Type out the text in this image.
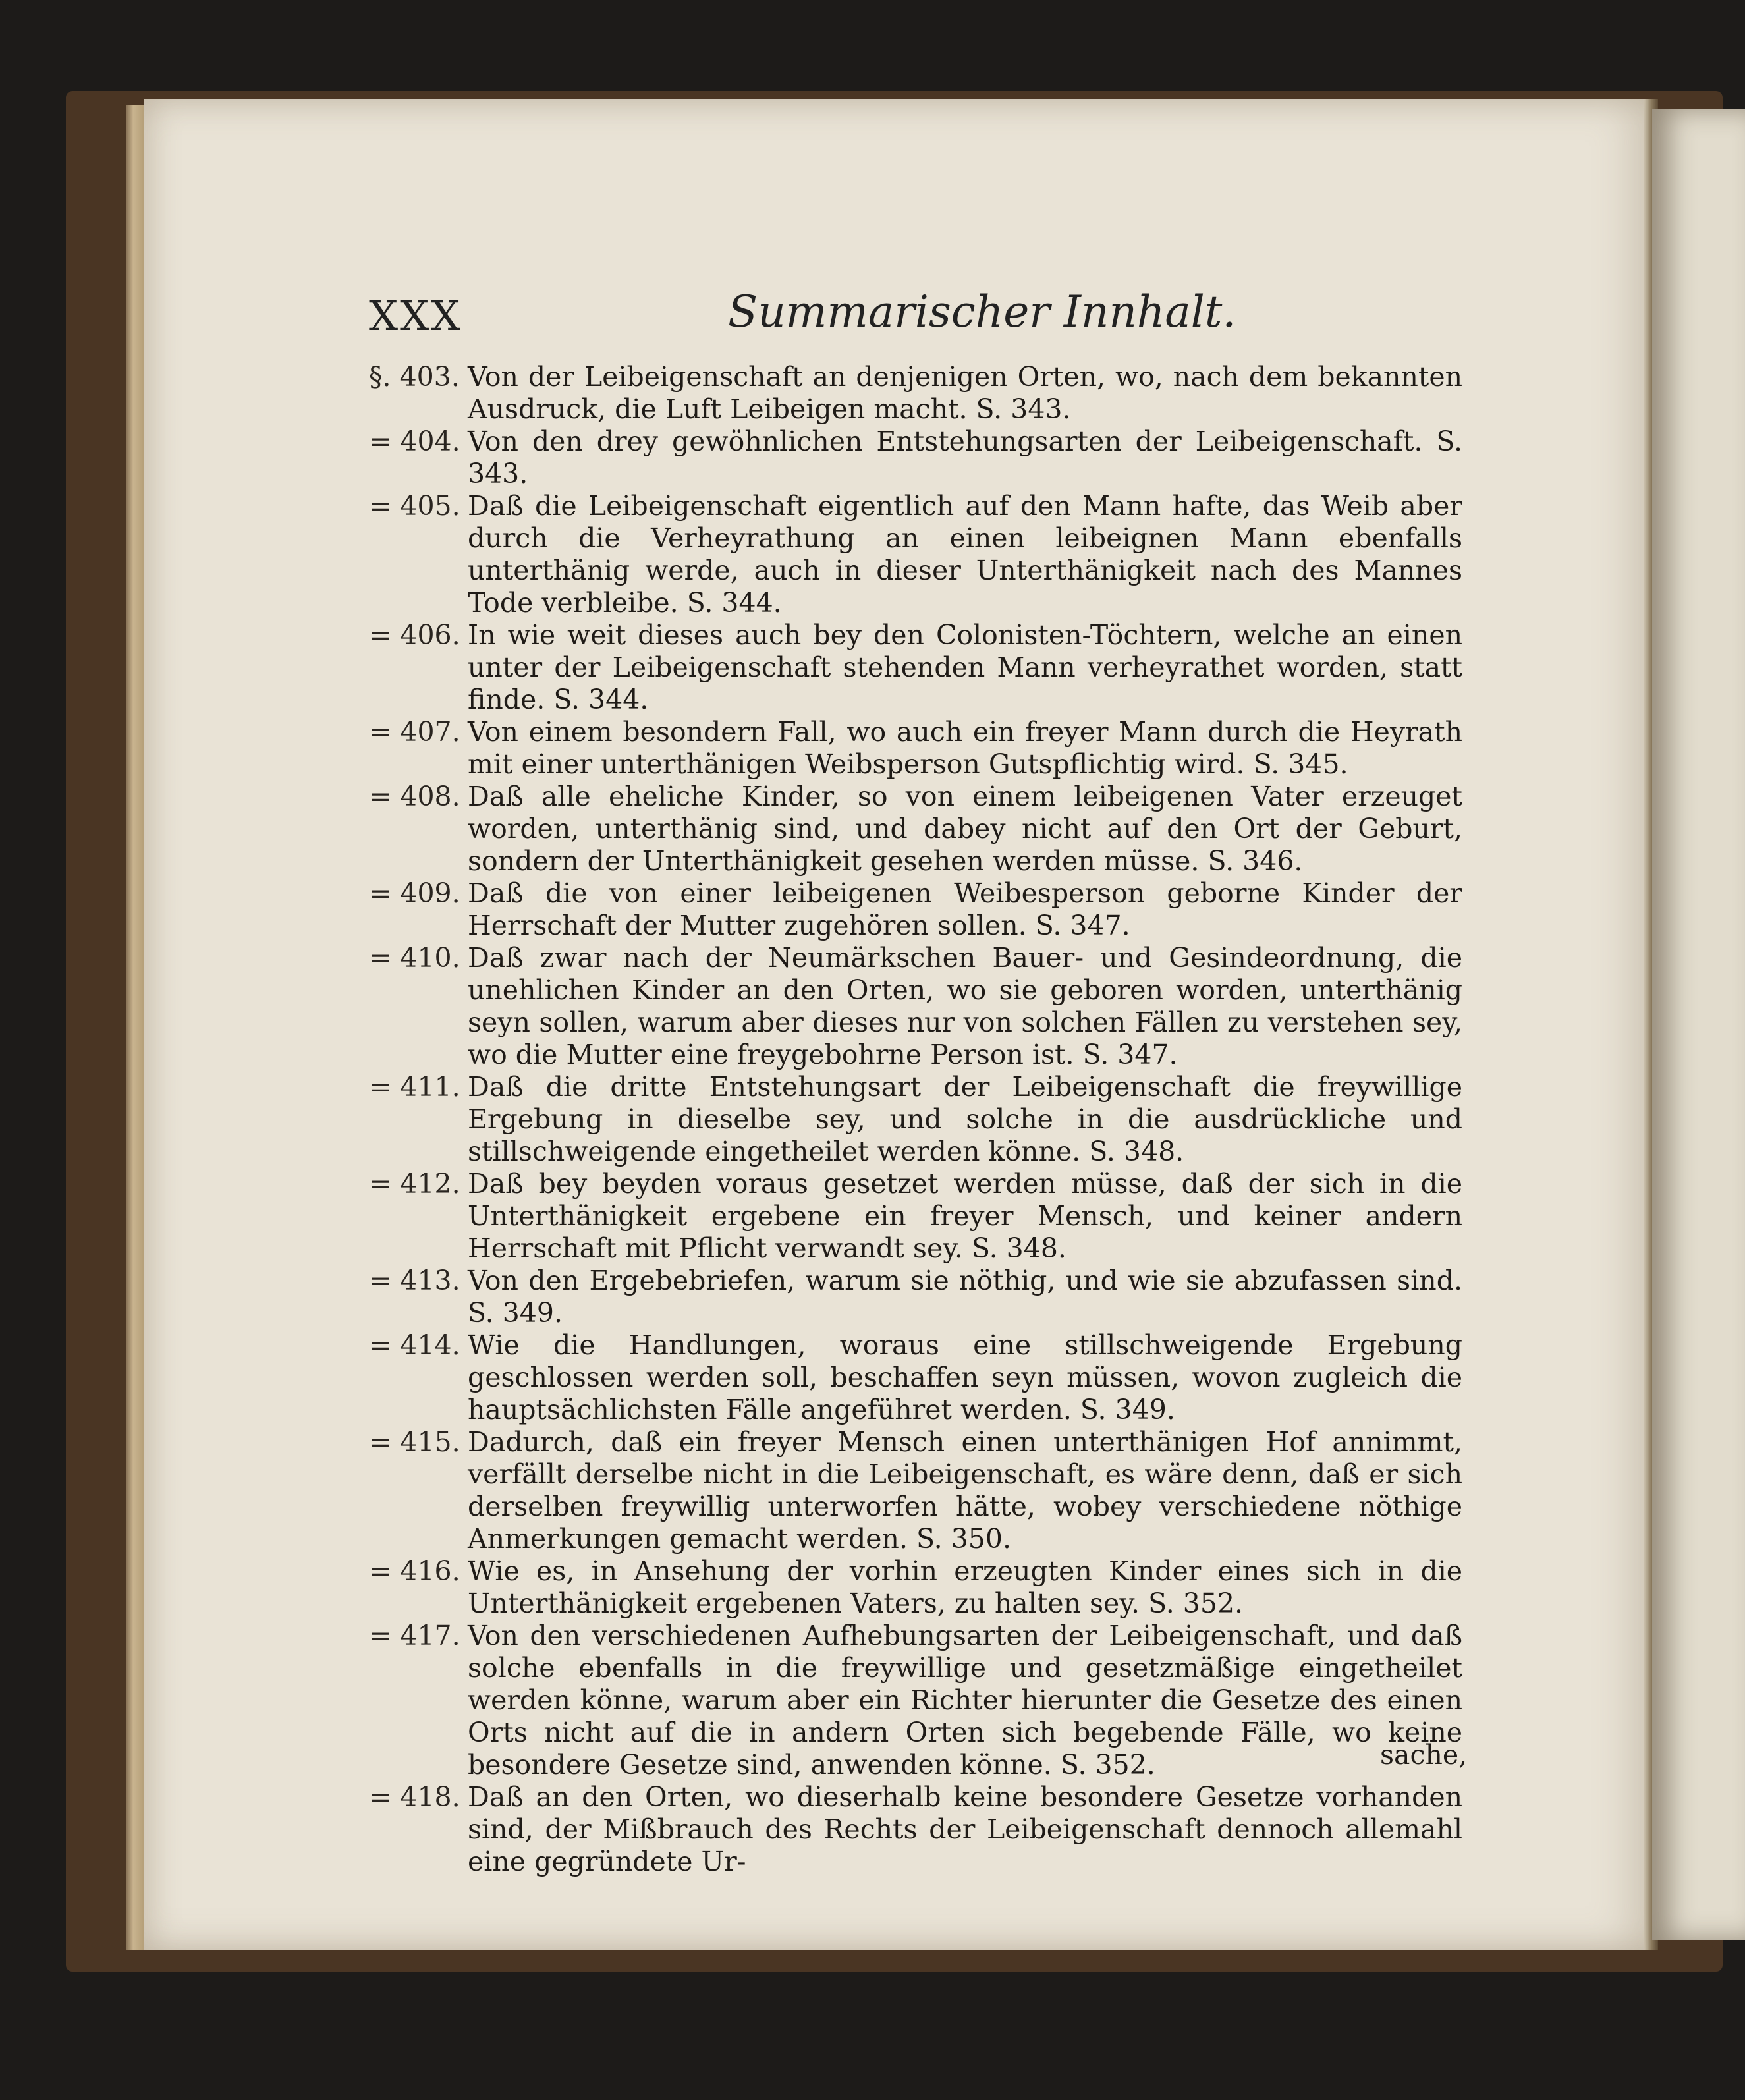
XXX	Summarischer Innhalt.
§. 403. Von der Leibeigenschaft an denjenigen Orten, wo, nach dem bekannten Ausdruck, die Luft Leibeigen macht. S. 343.

= 404. Von den drey gewöhnlichen Entstehungsarten der Leibeigenschaft. S. 343.

= 405. Daß die Leibeigenschaft eigentlich auf den Mann hafte, das Weib aber durch die Verheyrathung an einen leibeignen Mann ebenfalls unterthänig werde, auch in dieser Unterthänigkeit nach des Mannes Tode verbleibe. S. 344.

= 406. In wie weit dieses auch bey den Colonisten-Töchtern, welche an einen unter der Leibeigenschaft stehenden Mann verheyrathet worden, statt finde. S. 344.

= 407. Von einem besondern Fall, wo auch ein freyer Mann durch die Heyrath mit einer unterthänigen Weibsperson Gutspflichtig wird. S. 345.

= 408. Daß alle eheliche Kinder, so von einem leibeigenen Vater erzeuget worden, unterthänig sind, und dabey nicht auf den Ort der Geburt, sondern der Unterthänigkeit gesehen werden müsse. S. 346.

= 409. Daß die von einer leibeigenen Weibesperson geborne Kinder der Herrschaft der Mutter zugehören sollen. S. 347.

= 410. Daß zwar nach der Neumärkschen Bauer- und Gesindeordnung, die unehlichen Kinder an den Orten, wo sie geboren worden, unterthänig seyn sollen, warum aber dieses nur von solchen Fällen zu verstehen sey, wo die Mutter eine freygebohrne Person ist. S. 347.

= 411. Daß die dritte Entstehungsart der Leibeigenschaft die freywillige Ergebung in dieselbe sey, und solche in die ausdrückliche und stillschweigende eingetheilet werden könne. S. 348.

= 412. Daß bey beyden voraus gesetzet werden müsse, daß der sich in die Unterthänigkeit ergebene ein freyer Mensch, und keiner andern Herrschaft mit Pflicht verwandt sey. S. 348.

= 413. Von den Ergebebriefen, warum sie nöthig, und wie sie abzufassen sind. S. 349.

= 414. Wie die Handlungen, woraus eine stillschweigende Ergebung geschlossen werden soll, beschaffen seyn müssen, wovon zugleich die hauptsächlichsten Fälle angeführet werden. S. 349.

= 415. Dadurch, daß ein freyer Mensch einen unterthänigen Hof annimmt, verfällt derselbe nicht in die Leibeigenschaft, es wäre denn, daß er sich derselben freywillig unterworfen hätte, wobey verschiedene nöthige Anmerkungen gemacht werden. S. 350.

= 416. Wie es, in Ansehung der vorhin erzeugten Kinder eines sich in die Unterthänigkeit ergebenen Vaters, zu halten sey. S. 352.

= 417. Von den verschiedenen Aufhebungsarten der Leibeigenschaft, und daß solche ebenfalls in die freywillige und gesetzmäßige eingetheilet werden könne, warum aber ein Richter hierunter die Gesetze des einen Orts nicht auf die in andern Orten sich begebende Fälle, wo keine besondere Gesetze sind, anwenden könne. S. 352.

= 418. Daß an den Orten, wo dieserhalb keine besondere Gesetze vorhanden sind, der Mißbrauch des Rechts der Leibeigenschaft dennoch allemahl eine gegründete Ur-

sache,
